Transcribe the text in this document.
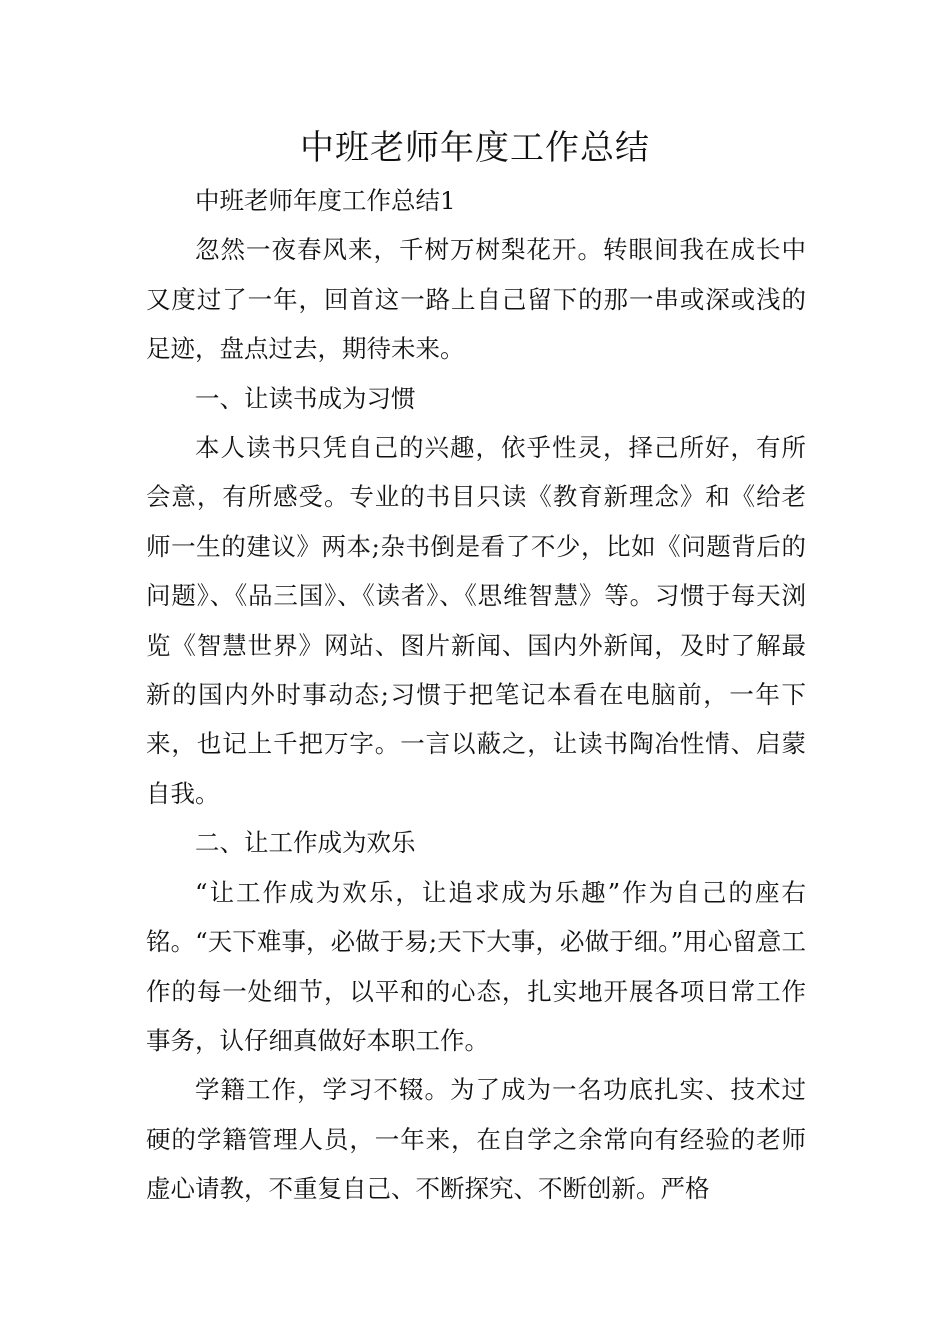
中班老师年度工作总结

中班老师年度工作总结1

忽然一夜春风来，千树万树梨花开。转眼间我在成长中又度过了一年，回首这一路上自己留下的那一串或深或浅的足迹，盘点过去，期待未来。

一、让读书成为习惯

本人读书只凭自己的兴趣，依乎性灵，择己所好，有所会意，有所感受。专业的书目只读《教育新理念》和《给老师一生的建议》两本;杂书倒是看了不少，比如《问题背后的问题》、《品三国》、《读者》、《思维智慧》等。习惯于每天浏览《智慧世界》网站、图片新闻、国内外新闻，及时了解最新的国内外时事动态;习惯于把笔记本看在电脑前，一年下来，也记上千把万字。一言以蔽之，让读书陶冶性情、启蒙自我。

二、让工作成为欢乐

“让工作成为欢乐，让追求成为乐趣”作为自己的座右铭。“天下难事，必做于易;天下大事，必做于细。”用心留意工作的每一处细节，以平和的心态，扎实地开展各项日常工作事务，认仔细真做好本职工作。

学籍工作，学习不辍。为了成为一名功底扎实、技术过硬的学籍管理人员，一年来，在自学之余常向有经验的老师虚心请教，不重复自己、不断探究、不断创新。严格
